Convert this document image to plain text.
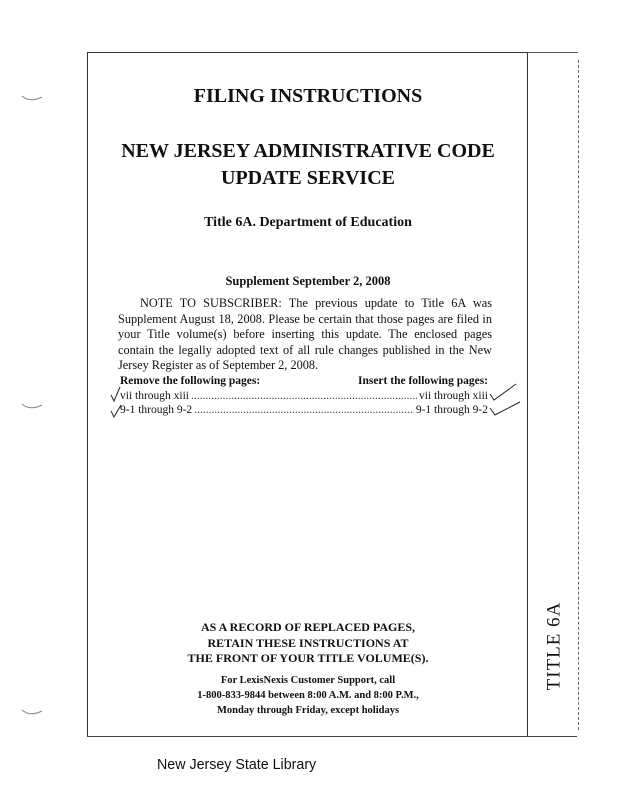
FILING INSTRUCTIONS
NEW JERSEY ADMINISTRATIVE CODE
UPDATE SERVICE
Title 6A. Department of Education
Supplement September 2, 2008

NOTE TO SUBSCRIBER: The previous update to Title 6A was Supplement August 18, 2008. Please be certain that those pages are filed in your Title volume(s) before inserting this update. The enclosed pages contain the legally adopted text of all rule changes published in the New Jersey Register as of September 2, 2008.

Remove the following pages:	Insert the following pages:
vii through xiii .....	vii through xiii
9-1 through 9-2 .....	9-1 through 9-2
AS A RECORD OF REPLACED PAGES,
RETAIN THESE INSTRUCTIONS AT
THE FRONT OF YOUR TITLE VOLUME(S).
For LexisNexis Customer Support, call
1-800-833-9844 between 8:00 A.M. and 8:00 P.M.,
Monday through Friday, except holidays
TITLE 6A
New Jersey State Library
